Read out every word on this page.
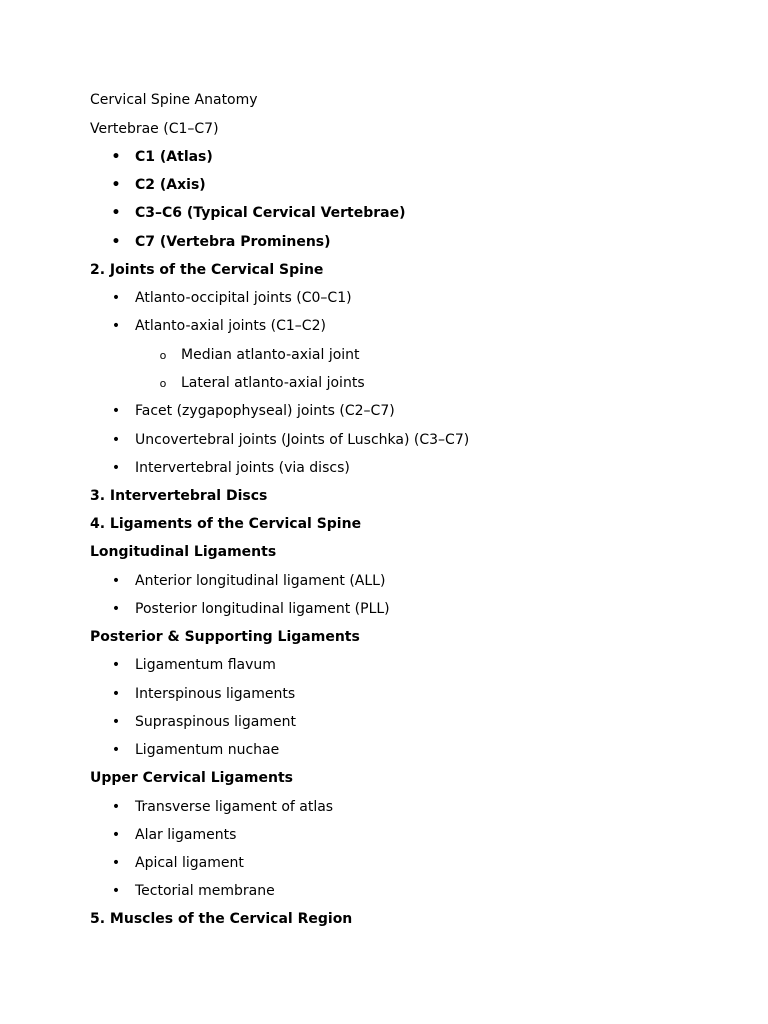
Cervical Spine Anatomy
Vertebrae (C1–C7)
• C1 (Atlas)
• C2 (Axis)
• C3–C6 (Typical Cervical Vertebrae)
• C7 (Vertebra Prominens)
2. Joints of the Cervical Spine
• Atlanto-occipital joints (C0–C1)
• Atlanto-axial joints (C1–C2)
o Median atlanto-axial joint
o Lateral atlanto-axial joints
• Facet (zygapophyseal) joints (C2–C7)
• Uncovertebral joints (Joints of Luschka) (C3–C7)
• Intervertebral joints (via discs)
3. Intervertebral Discs
4. Ligaments of the Cervical Spine
Longitudinal Ligaments
• Anterior longitudinal ligament (ALL)
• Posterior longitudinal ligament (PLL)
Posterior & Supporting Ligaments
• Ligamentum flavum
• Interspinous ligaments
• Supraspinous ligament
• Ligamentum nuchae
Upper Cervical Ligaments
• Transverse ligament of atlas
• Alar ligaments
• Apical ligament
• Tectorial membrane
5. Muscles of the Cervical Region
